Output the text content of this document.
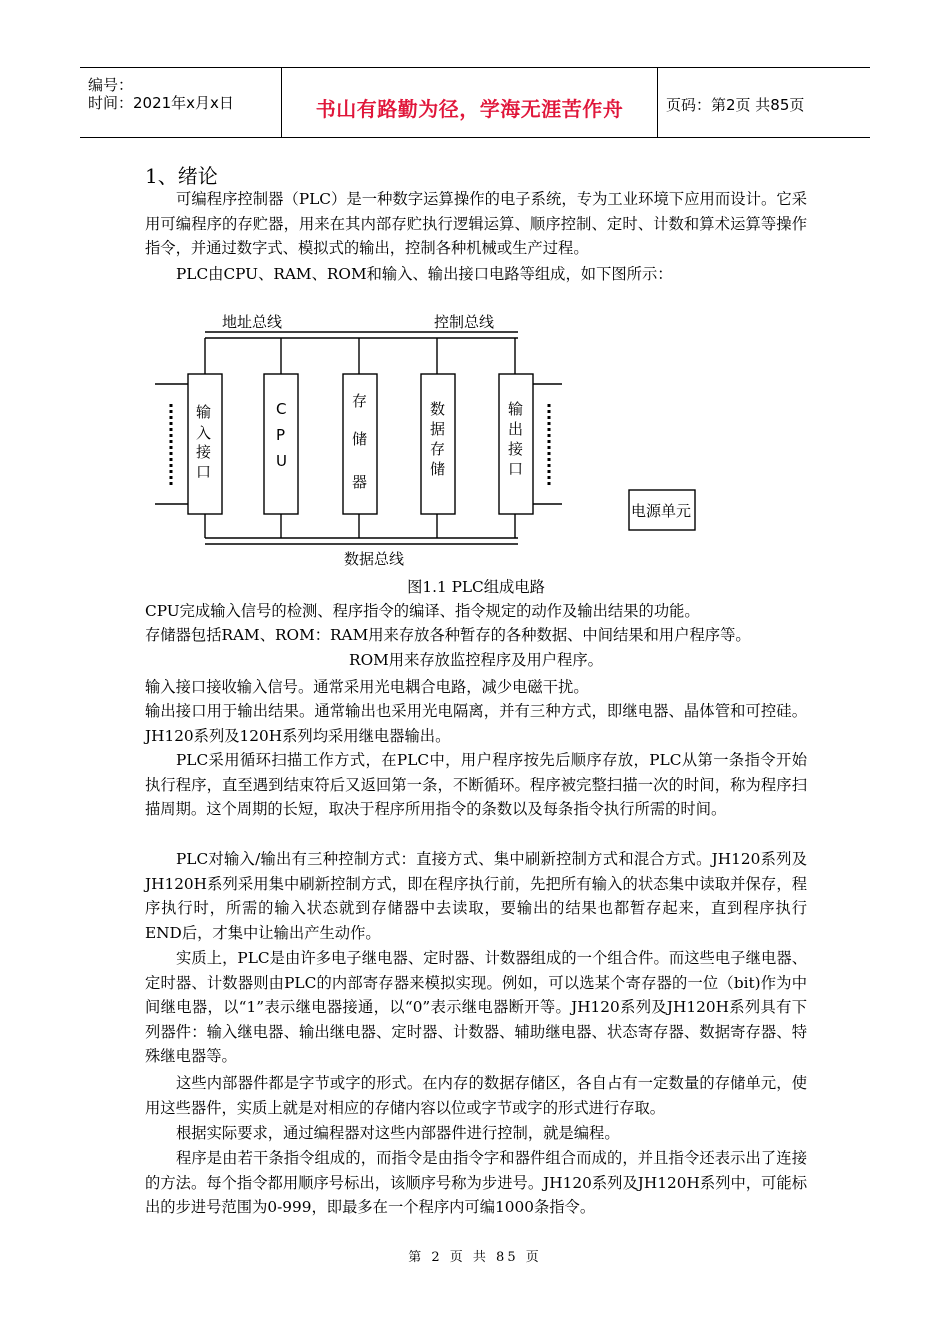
编号：
时间：2021年x月x日	书山有路勤为径，学海无涯苦作舟	页码：第2页 共85页
1、绪论
可编程序控制器（PLC）是一种数字运算操作的电子系统，专为工业环境下应用而设计。它采用可编程序的存贮器，用来在其内部存贮执行逻辑运算、顺序控制、定时、计数和算术运算等操作指令，并通过数字式、模拟式的输出，控制各种机械或生产过程。
PLC由CPU、RAM、ROM和输入、输出接口电路等组成，如下图所示：
地址总线	控制总线
数据总线
输
入
接
口
C
P
U
存
储
器
数
据
存
储
输
出
接
口
电源单元
图1.1 PLC组成电路
CPU完成输入信号的检测、程序指令的编译、指令规定的动作及输出结果的功能。
存储器包括RAM、ROM：RAM用来存放各种暂存的各种数据、中间结果和用户程序等。
ROM用来存放监控程序及用户程序。
输入接口接收输入信号。通常采用光电耦合电路，减少电磁干扰。
输出接口用于输出结果。通常输出也采用光电隔离，并有三种方式，即继电器、晶体管和可控硅。JH120系列及120H系列均采用继电器输出。
PLC采用循环扫描工作方式，在PLC中，用户程序按先后顺序存放，PLC从第一条指令开始执行程序，直至遇到结束符后又返回第一条，不断循环。程序被完整扫描一次的时间，称为程序扫描周期。这个周期的长短，取决于程序所用指令的条数以及每条指令执行所需的时间。
PLC对输入/输出有三种控制方式：直接方式、集中刷新控制方式和混合方式。JH120系列及JH120H系列采用集中刷新控制方式，即在程序执行前，先把所有输入的状态集中读取并保存，程序执行时，所需的输入状态就到存储器中去读取，要输出的结果也都暂存起来，直到程序执行END后，才集中让输出产生动作。
实质上，PLC是由许多电子继电器、定时器、计数器组成的一个组合件。而这些电子继电器、定时器、计数器则由PLC的内部寄存器来模拟实现。例如，可以选某个寄存器的一位（bit)作为中间继电器，以“1”表示继电器接通，以“0”表示继电器断开等。JH120系列及JH120H系列具有下列器件：输入继电器、输出继电器、定时器、计数器、辅助继电器、状态寄存器、数据寄存器、特殊继电器等。
这些内部器件都是字节或字的形式。在内存的数据存储区，各自占有一定数量的存储单元，使用这些器件，实质上就是对相应的存储内容以位或字节或字的形式进行存取。
根据实际要求，通过编程器对这些内部器件进行控制，就是编程。
程序是由若干条指令组成的，而指令是由指令字和器件组合而成的，并且指令还表示出了连接的方法。每个指令都用顺序号标出，该顺序号称为步进号。JH120系列及JH120H系列中，可能标出的步进号范围为0-999，即最多在一个程序内可编1000条指令。
第 2 页 共 85 页
